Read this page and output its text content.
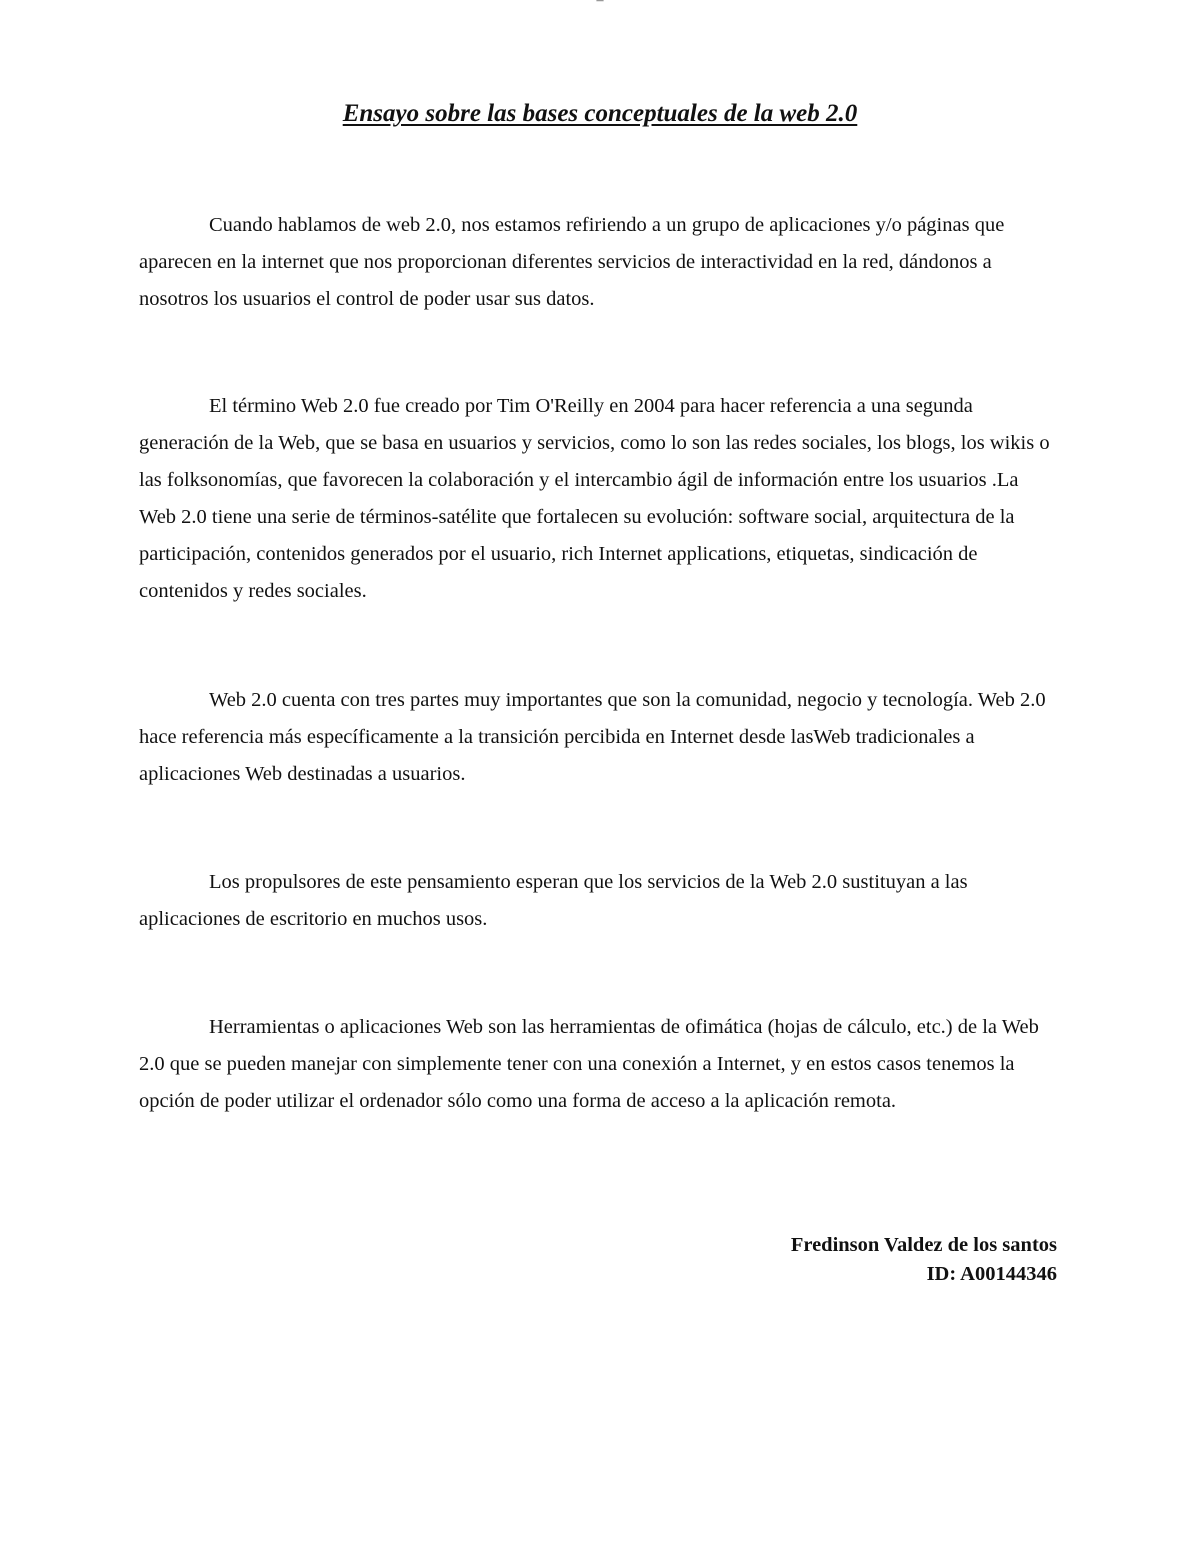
–
Ensayo sobre las bases conceptuales de la web 2.0

Cuando hablamos de web 2.0, nos estamos refiriendo a un grupo de aplicaciones y/o páginas que aparecen en la internet que nos proporcionan diferentes servicios de interactividad en la red, dándonos a nosotros los usuarios el control de poder usar sus datos.

El término Web 2.0 fue creado por Tim O'Reilly en 2004 para hacer referencia a una segunda generación de la Web, que se basa en usuarios y servicios, como lo son las redes sociales, los blogs, los wikis o las folksonomías, que favorecen la colaboración y el intercambio ágil de información entre los usuarios .La Web 2.0 tiene una serie de términos-satélite que fortalecen su evolución: software social, arquitectura de la participación, contenidos generados por el usuario, rich Internet applications, etiquetas, sindicación de contenidos y redes sociales.

Web 2.0 cuenta con tres partes muy importantes que son la comunidad, negocio y tecnología. Web 2.0 hace referencia más específicamente a la transición percibida en Internet desde lasWeb tradicionales a aplicaciones Web destinadas a usuarios.

Los propulsores de este pensamiento esperan que los servicios de la Web 2.0 sustituyan a las aplicaciones de escritorio en muchos usos.

Herramientas o aplicaciones Web son las herramientas de ofimática (hojas de cálculo, etc.) de la Web 2.0 que se pueden manejar con simplemente tener con una conexión a Internet, y en estos casos tenemos la opción de poder utilizar el ordenador sólo como una forma de acceso a la aplicación remota.

Fredinson Valdez de los santos
ID: A00144346
